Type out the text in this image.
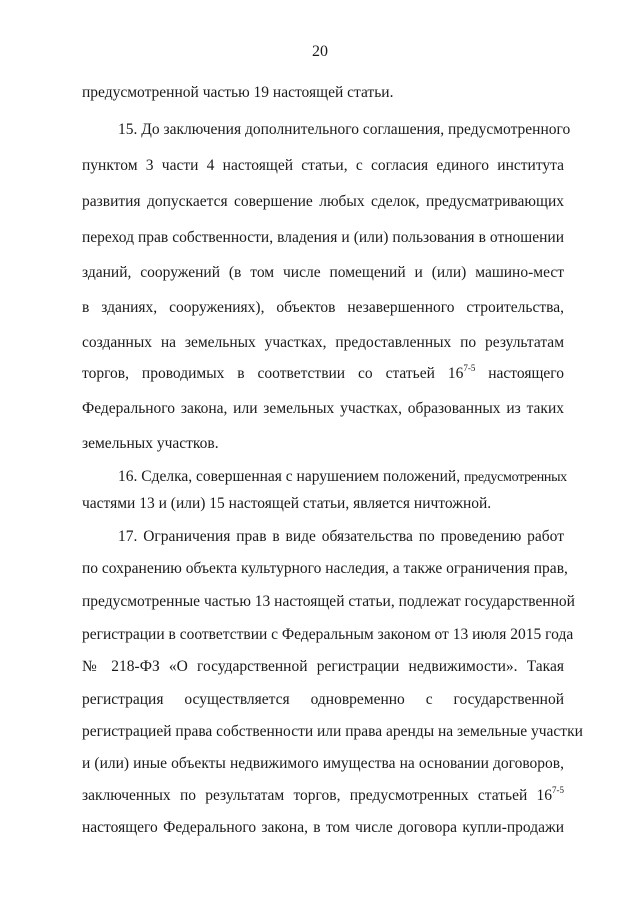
20
предусмотренной частью 19 настоящей статьи.
15. До заключения дополнительного соглашения, предусмотренного
пунктом 3 части 4 настоящей статьи, с согласия единого института
развития допускается совершение любых сделок, предусматривающих
переход прав собственности, владения и (или) пользования в отношении
зданий, сооружений (в том числе помещений и (или) машино-мест
в зданиях, сооружениях), объектов незавершенного строительства,
созданных на земельных участках, предоставленных по результатам
торгов, проводимых в соответствии со статьей 16$^{7-5}$ настоящего
Федерального закона, или земельных участках, образованных из таких
земельных участков.
16. Сделка, совершенная с нарушением положений, предусмотренных
частями 13 и (или) 15 настоящей статьи, является ничтожной.
17. Ограничения прав в виде обязательства по проведению работ
по сохранению объекта культурного наследия, а также ограничения прав,
предусмотренные частью 13 настоящей статьи, подлежат государственной
регистрации в соответствии с Федеральным законом от 13 июля 2015 года
№ 218-ФЗ «О государственной регистрации недвижимости». Такая
регистрация осуществляется одновременно с государственной
регистрацией права собственности или права аренды на земельные участки
и (или) иные объекты недвижимого имущества на основании договоров,
заключенных по результатам торгов, предусмотренных статьей 16$^{7-5}$
настоящего Федерального закона, в том числе договора купли-продажи
